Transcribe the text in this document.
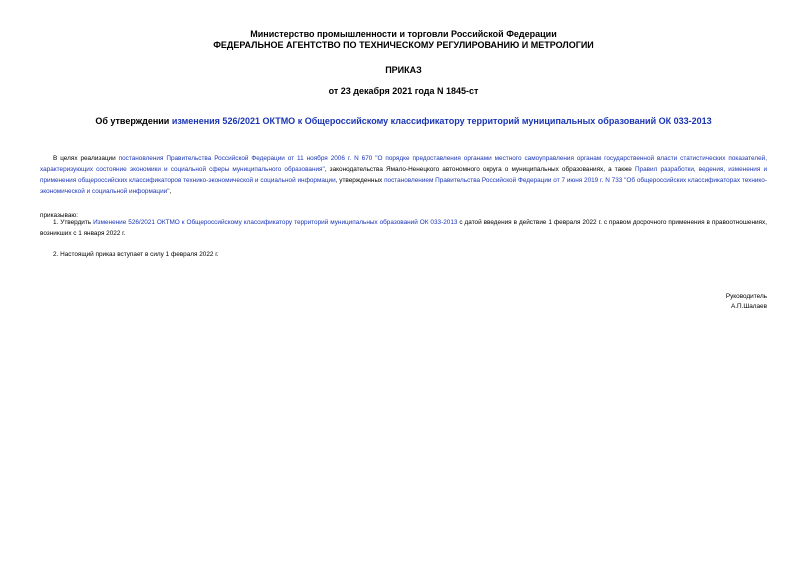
Министерство промышленности и торговли Российской Федерации
ФЕДЕРАЛЬНОЕ АГЕНТСТВО ПО ТЕХНИЧЕСКОМУ РЕГУЛИРОВАНИЮ И МЕТРОЛОГИИ
ПРИКАЗ
от 23 декабря 2021 года N 1845-ст
Об утверждении изменения 526/2021 ОКТМО к Общероссийскому классификатору территорий муниципальных образований ОК 033-2013
В целях реализации постановления Правительства Российской Федерации от 11 ноября 2006 г. N 670 "О порядке предоставления органами местного самоуправления органам государственной власти статистических показателей, характеризующих состояние экономики и социальной сферы муниципального образования", законодательства Ямало-Ненецкого автономного округа о муниципальных образованиях, а также Правил разработки, ведения, изменения и применения общероссийских классификаторов технико-экономической и социальной информации, утвержденных постановлением Правительства Российской Федерации от 7 июня 2019 г. N 733 "Об общероссийских классификаторах технико-экономической и социальной информации",
приказываю:
1. Утвердить Изменение 526/2021 ОКТМО к Общероссийскому классификатору территорий муниципальных образований ОК 033-2013 с датой введения в действие 1 февраля 2022 г. с правом досрочного применения в правоотношениях, возникших с 1 января 2022 г.
2. Настоящий приказ вступает в силу 1 февраля 2022 г.
Руководитель
А.П.Шалаев
